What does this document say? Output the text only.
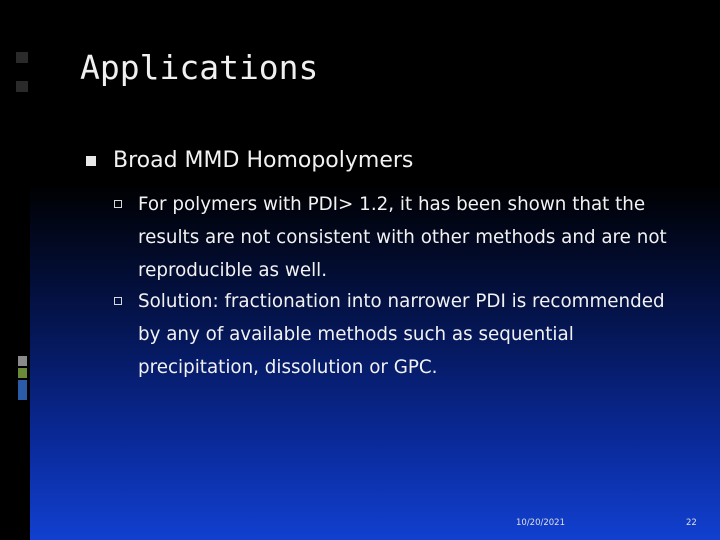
Applications
Broad MMD Homopolymers
For polymers with PDI> 1.2, it has been shown that the results are not consistent with other methods and are not reproducible as well.
Solution: fractionation into narrower PDI is recommended by any of available methods such as sequential precipitation, dissolution or GPC.
10/20/2021	22
